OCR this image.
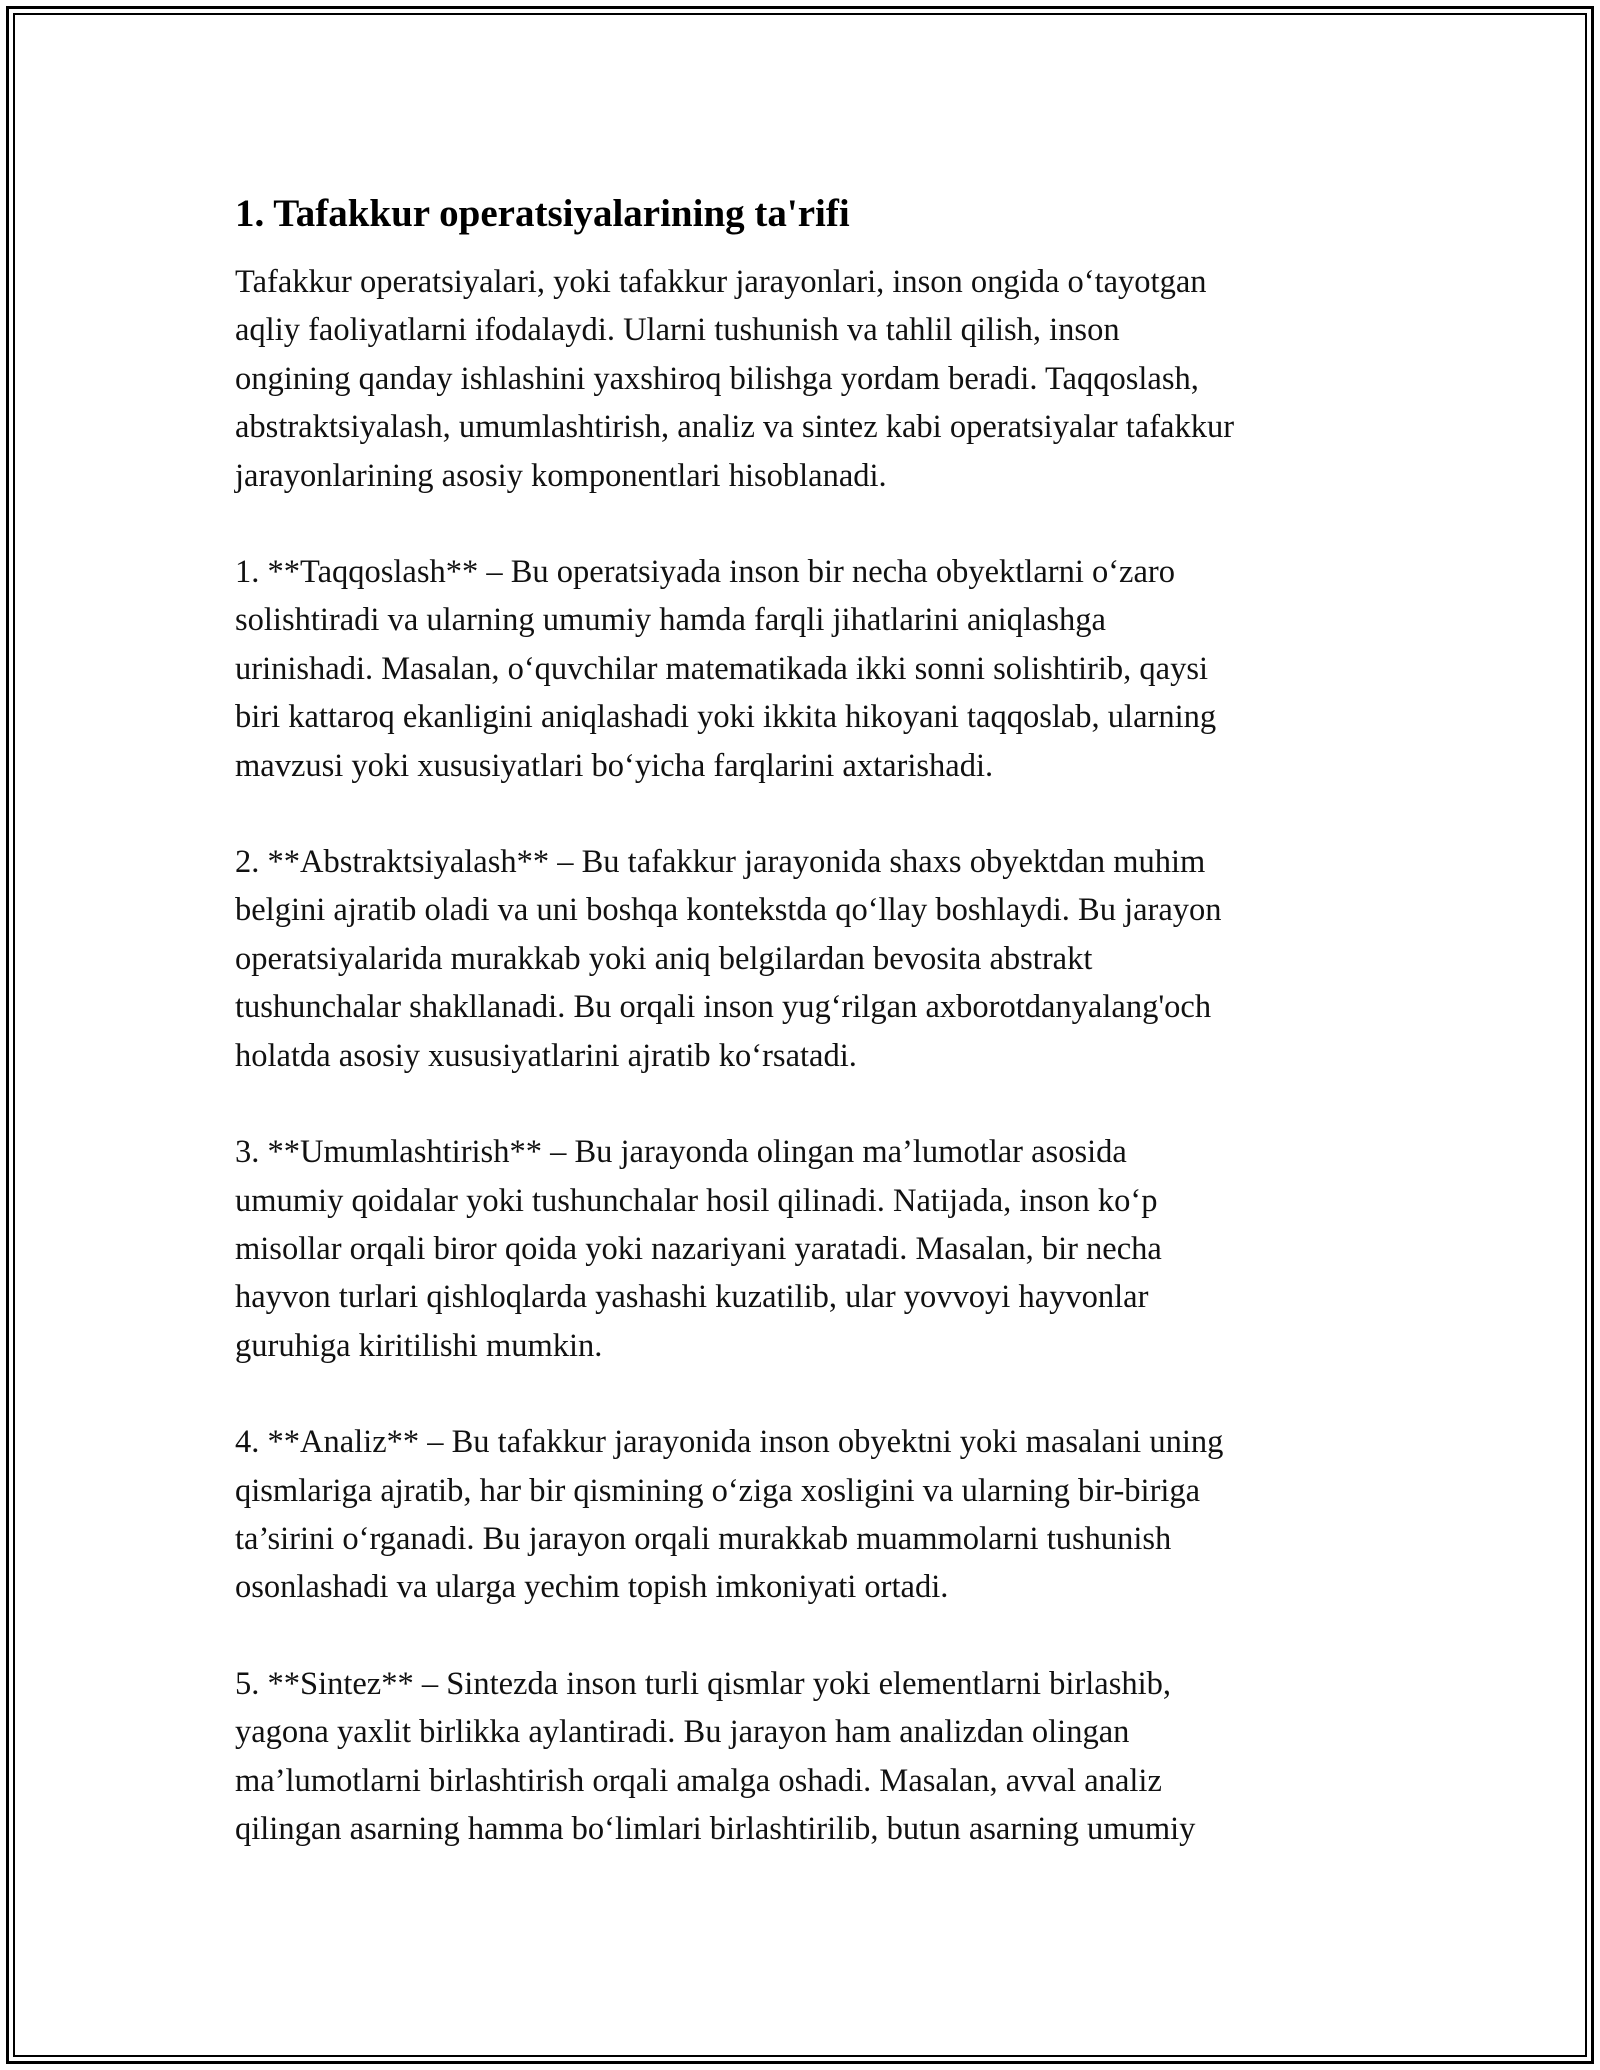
1. Tafakkur operatsiyalarining ta'rifi
Tafakkur operatsiyalari, yoki tafakkur jarayonlari, inson ongida o‘tayotgan
aqliy faoliyatlarni ifodalaydi. Ularni tushunish va tahlil qilish, inson
ongining qanday ishlashini yaxshiroq bilishga yordam beradi. Taqqoslash,
abstraktsiyalash, umumlashtirish, analiz va sintez kabi operatsiyalar tafakkur
jarayonlarining asosiy komponentlari hisoblanadi.
1. **Taqqoslash** – Bu operatsiyada inson bir necha obyektlarni o‘zaro
solishtiradi va ularning umumiy hamda farqli jihatlarini aniqlashga
urinishadi. Masalan, o‘quvchilar matematikada ikki sonni solishtirib, qaysi
biri kattaroq ekanligini aniqlashadi yoki ikkita hikoyani taqqoslab, ularning
mavzusi yoki xususiyatlari bo‘yicha farqlarini axtarishadi.
2. **Abstraktsiyalash** – Bu tafakkur jarayonida shaxs obyektdan muhim
belgini ajratib oladi va uni boshqa kontekstda qo‘llay boshlaydi. Bu jarayon
operatsiyalarida murakkab yoki aniq belgilardan bevosita abstrakt
tushunchalar shakllanadi. Bu orqali inson yug‘rilgan axborotdanyalang'och
holatda asosiy xususiyatlarini ajratib ko‘rsatadi.
3. **Umumlashtirish** – Bu jarayonda olingan ma’lumotlar asosida
umumiy qoidalar yoki tushunchalar hosil qilinadi. Natijada, inson ko‘p
misollar orqali biror qoida yoki nazariyani yaratadi. Masalan, bir necha
hayvon turlari qishloqlarda yashashi kuzatilib, ular yovvoyi hayvonlar
guruhiga kiritilishi mumkin.
4. **Analiz** – Bu tafakkur jarayonida inson obyektni yoki masalani uning
qismlariga ajratib, har bir qismining o‘ziga xosligini va ularning bir-biriga
ta’sirini o‘rganadi. Bu jarayon orqali murakkab muammolarni tushunish
osonlashadi va ularga yechim topish imkoniyati ortadi.
5. **Sintez** – Sintezda inson turli qismlar yoki elementlarni birlashib,
yagona yaxlit birlikka aylantiradi. Bu jarayon ham analizdan olingan
ma’lumotlarni birlashtirish orqali amalga oshadi. Masalan, avval analiz
qilingan asarning hamma bo‘limlari birlashtirilib, butun asarning umumiy
